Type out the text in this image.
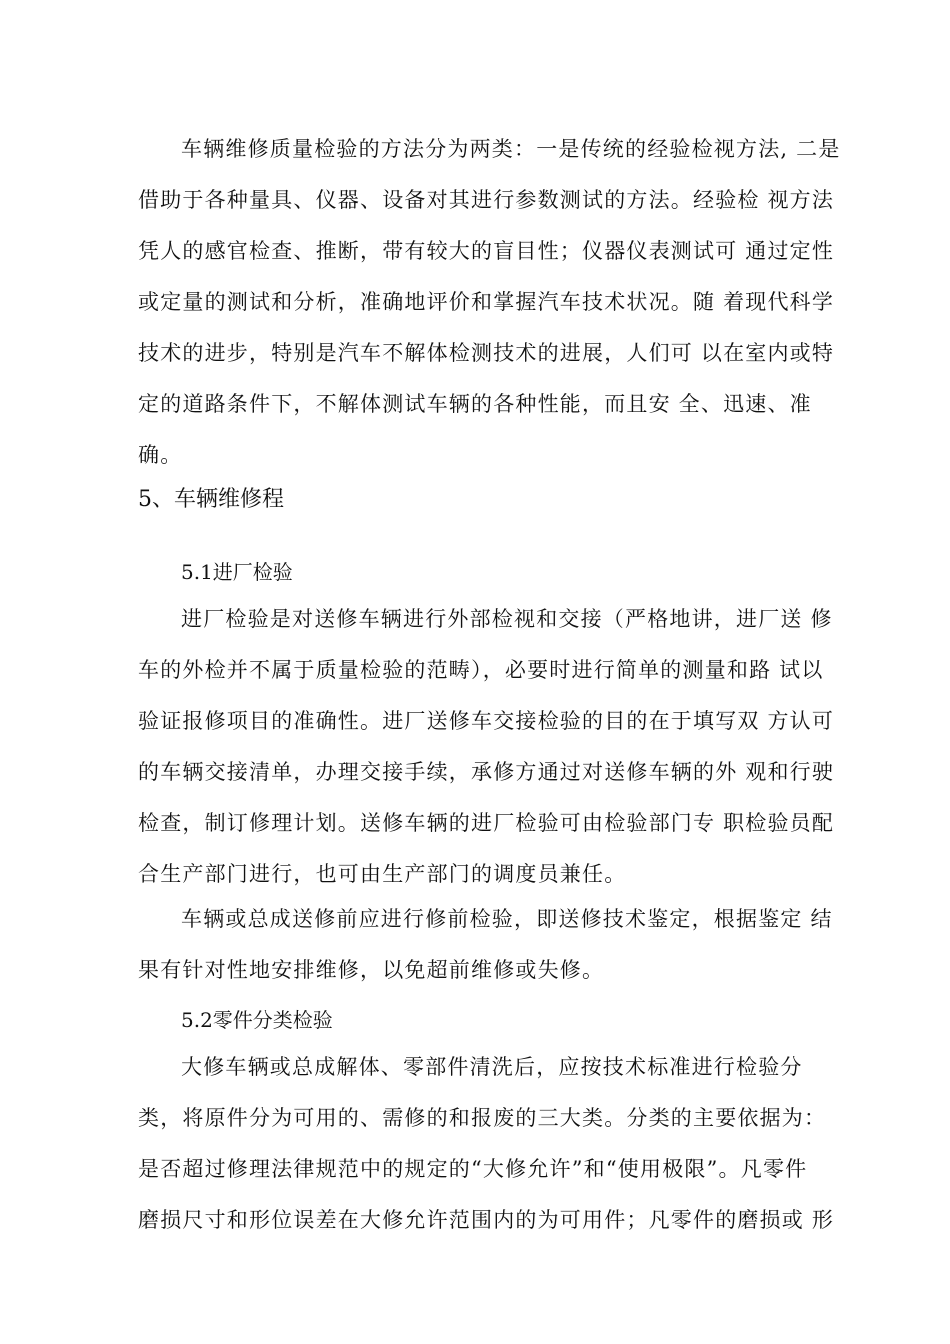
车辆维修质量检验的方法分为两类：一是传统的经验检视方法, 二是
借助于各种量具、仪器、设备对其进行参数测试的方法。经验检 视方法
凭人的感官检查、推断，带有较大的盲目性；仪器仪表测试可 通过定性
或定量的测试和分析，准确地评价和掌握汽车技术状况。随 着现代科学
技术的进步，特别是汽车不解体检测技术的进展，人们可 以在室内或特
定的道路条件下，不解体测试车辆的各种性能，而且安 全、迅速、准
确。
5、车辆维修程
5.1进厂检验
进厂检验是对送修车辆进行外部检视和交接（严格地讲，进厂送 修
车的外检并不属于质量检验的范畴），必要时进行简单的测量和路 试以
验证报修项目的准确性。进厂送修车交接检验的目的在于填写双 方认可
的车辆交接清单，办理交接手续，承修方通过对送修车辆的外 观和行驶
检查，制订修理计划。送修车辆的进厂检验可由检验部门专 职检验员配
合生产部门进行，也可由生产部门的调度员兼任。
车辆或总成送修前应进行修前检验，即送修技术鉴定，根据鉴定 结
果有针对性地安排维修，以免超前维修或失修。
5.2零件分类检验
大修车辆或总成解体、零部件清洗后，应按技术标准进行检验分
类，将原件分为可用的、需修的和报废的三大类。分类的主要依据为：
是否超过修理法律规范中的规定的“大修允许”和“使用极限”。凡零件
磨损尺寸和形位误差在大修允许范围内的为可用件；凡零件的磨损或 形
